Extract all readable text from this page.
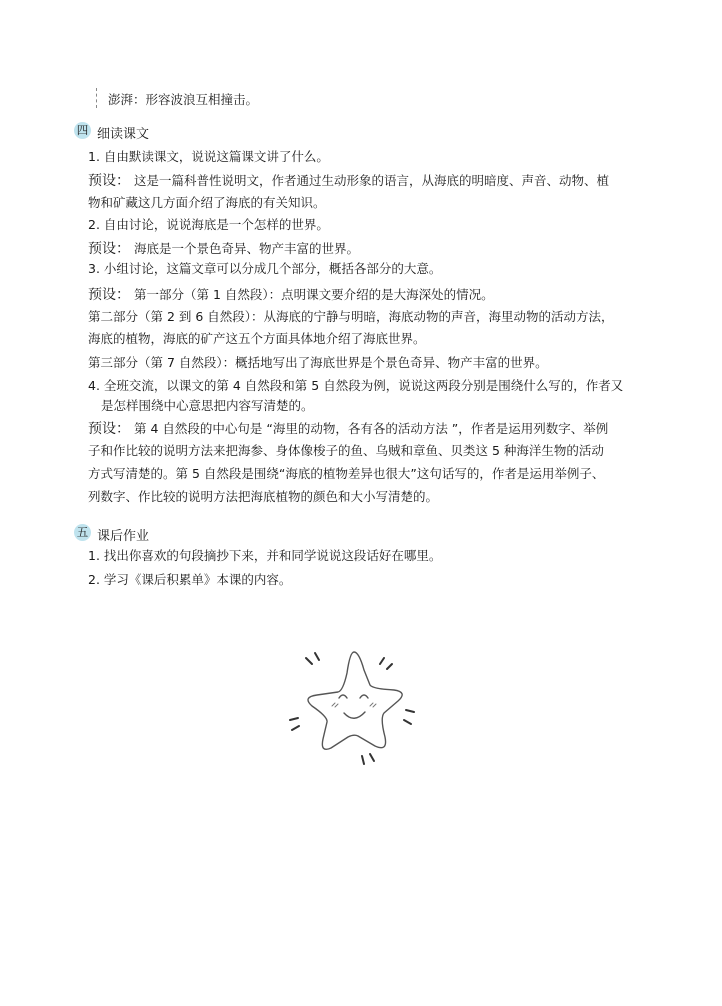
澎湃：形容波浪互相撞击。
四 细读课文
1. 自由默读课文，说说这篇课文讲了什么。
预设： 这是一篇科普性说明文，作者通过生动形象的语言，从海底的明暗度、声音、动物、植
物和矿藏这几方面介绍了海底的有关知识。
2. 自由讨论，说说海底是一个怎样的世界。
预设： 海底是一个景色奇异、物产丰富的世界。
3. 小组讨论，这篇文章可以分成几个部分，概括各部分的大意。
预设： 第一部分（第 1 自然段）：点明课文要介绍的是大海深处的情况。
第二部分（第 2 到 6 自然段）：从海底的宁静与明暗，海底动物的声音，海里动物的活动方法，
海底的植物，海底的矿产这五个方面具体地介绍了海底世界。
第三部分（第 7 自然段）：概括地写出了海底世界是个景色奇异、物产丰富的世界。
4. 全班交流，以课文的第 4 自然段和第 5 自然段为例，说说这两段分别是围绕什么写的，作者又
是怎样围绕中心意思把内容写清楚的。
预设： 第 4 自然段的中心句是 “海里的动物，各有各的活动方法 ”，作者是运用列数字、举例
子和作比较的说明方法来把海参、身体像梭子的鱼、乌贼和章鱼、贝类这 5 种海洋生物的活动
方式写清楚的。第 5 自然段是围绕“海底的植物差异也很大”这句话写的，作者是运用举例子、
列数字、作比较的说明方法把海底植物的颜色和大小写清楚的。
五 课后作业
1. 找出你喜欢的句段摘抄下来，并和同学说说这段话好在哪里。
2. 学习《课后积累单》本课的内容。
